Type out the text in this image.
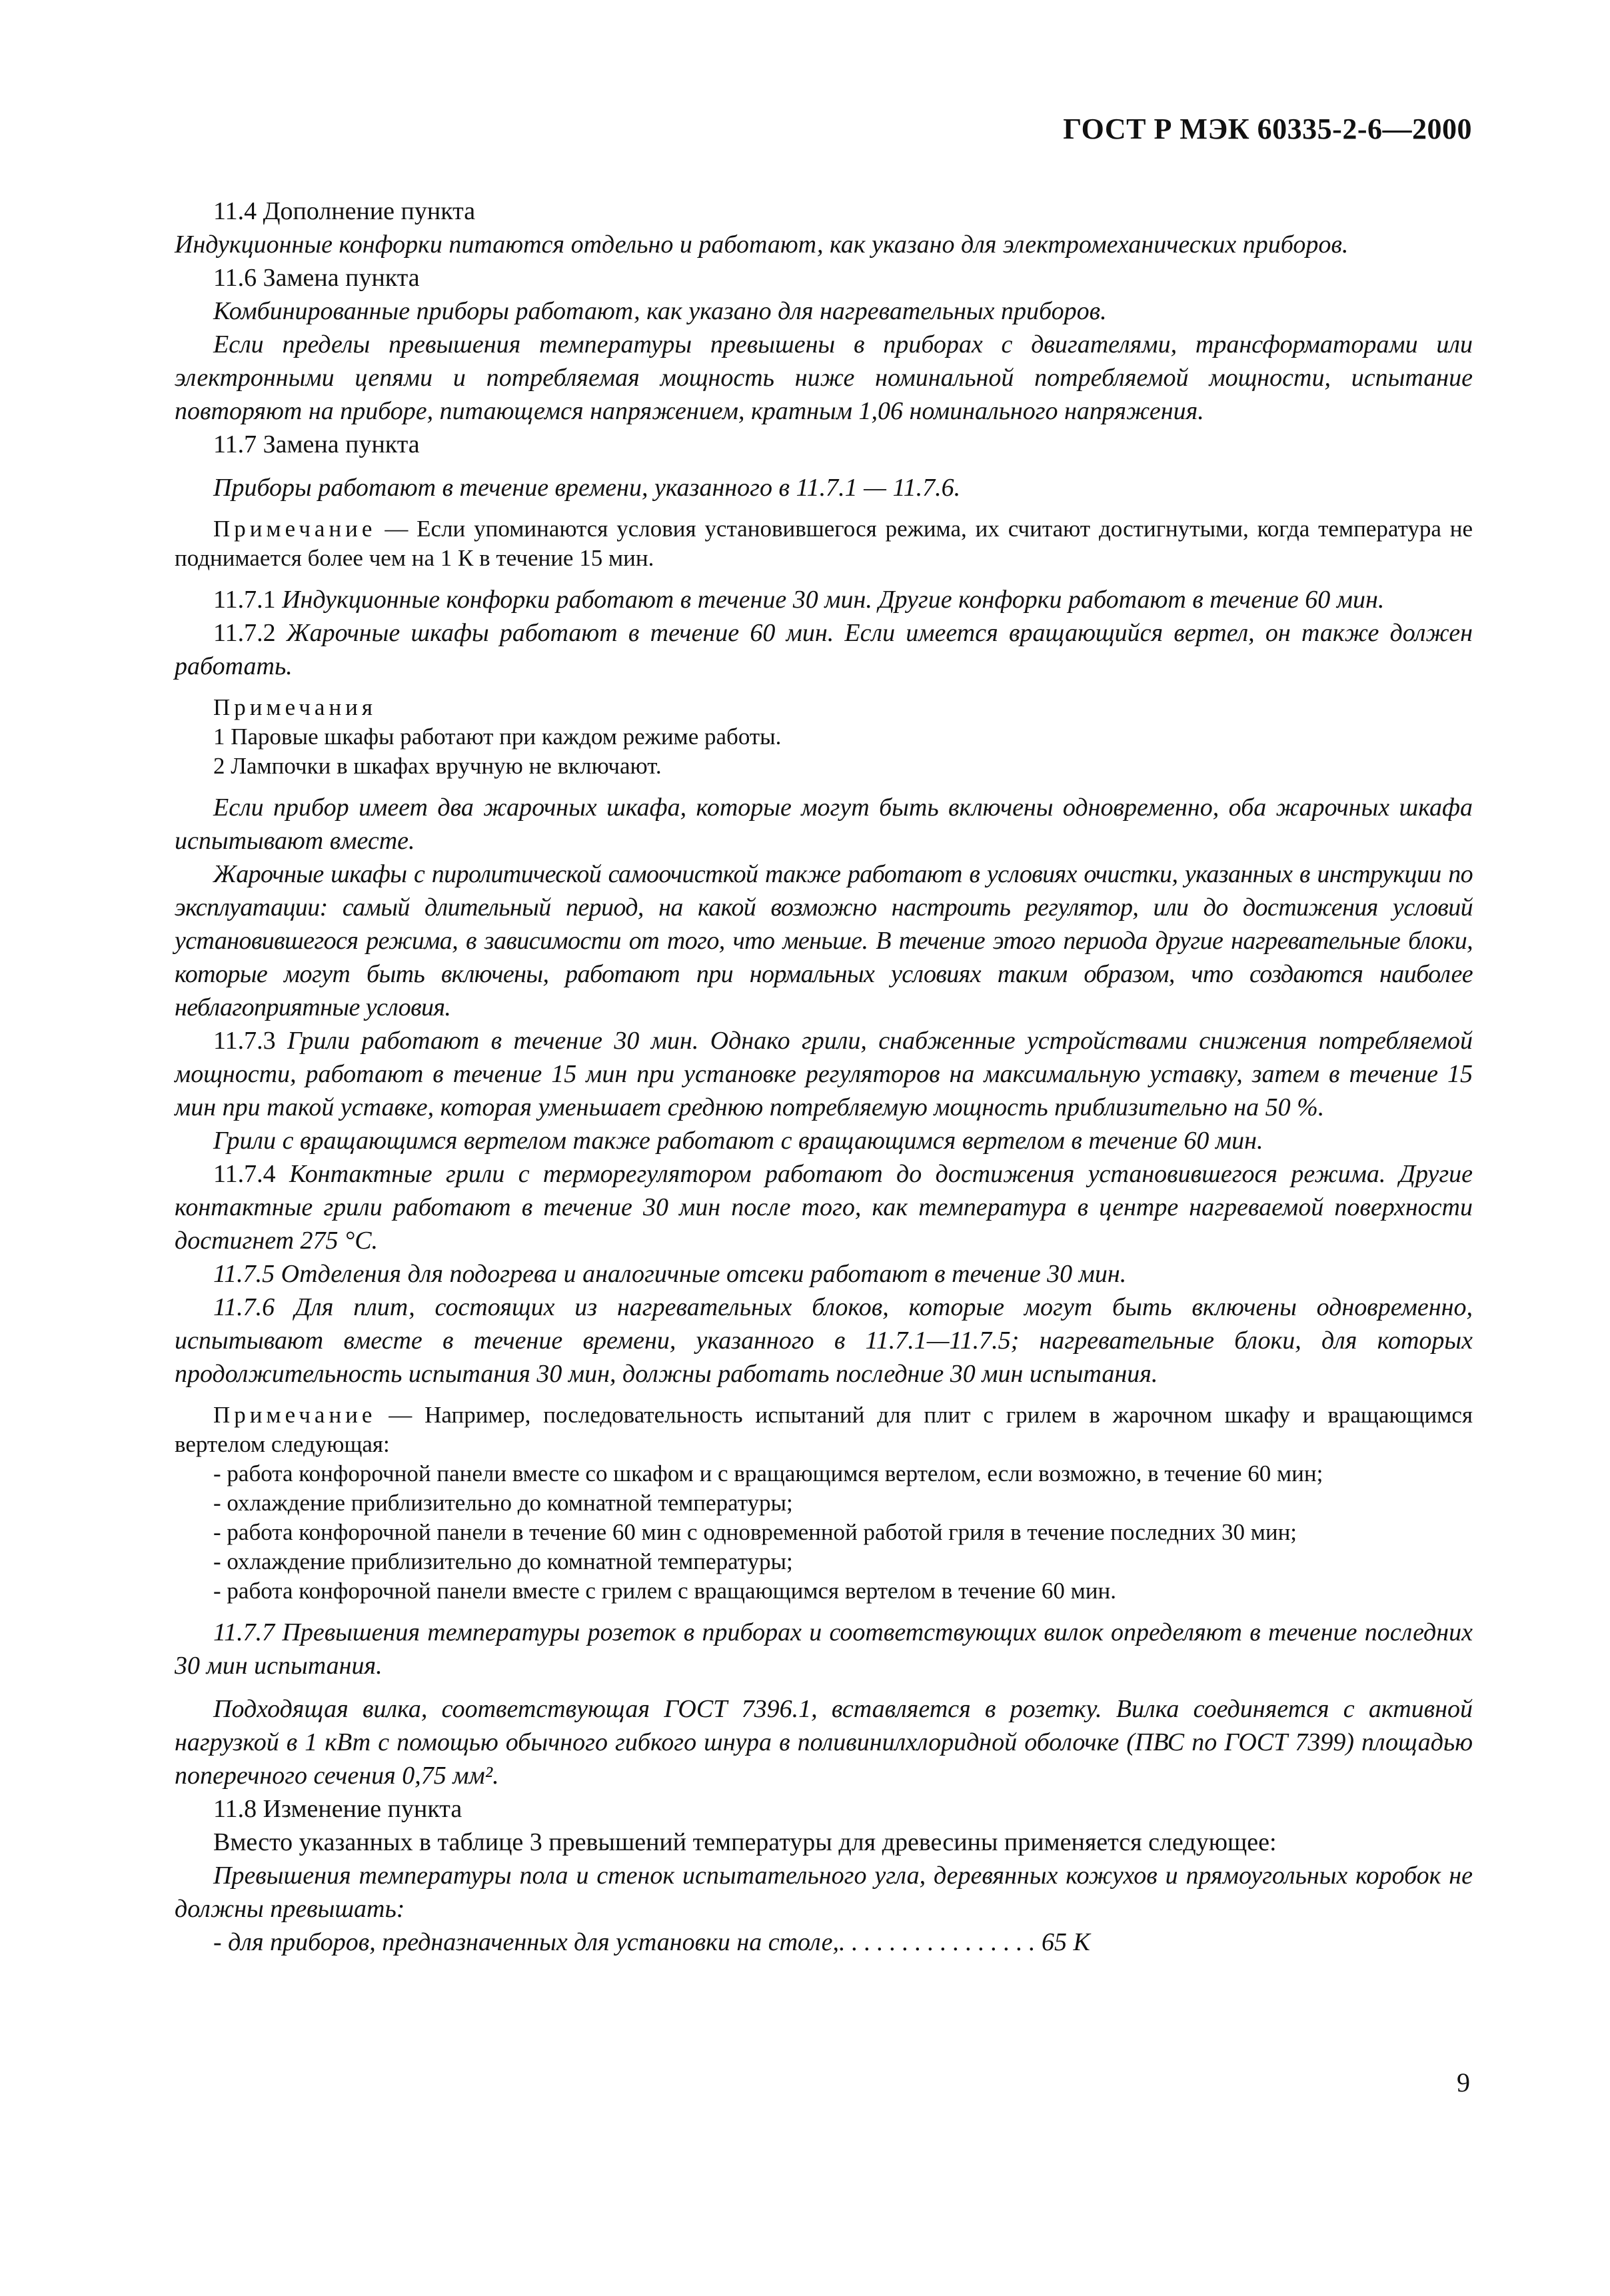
ГОСТ Р МЭК 60335-2-6—2000

11.4 Дополнение пункта

Индукционные конфорки питаются отдельно и работают, как указано для электромеханических приборов.

11.6 Замена пункта

Комбинированные приборы работают, как указано для нагревательных приборов.

Если пределы превышения температуры превышены в приборах с двигателями, трансформаторами или электронными цепями и потребляемая мощность ниже номинальной потребляемой мощности, испытание повторяют на приборе, питающемся напряжением, кратным 1,06 номинального напряжения.

11.7 Замена пункта

Приборы работают в течение времени, указанного в 11.7.1 — 11.7.6.

Примечание — Если упоминаются условия установившегося режима, их считают достигнутыми, когда температура не поднимается более чем на 1 К в течение 15 мин.

11.7.1 Индукционные конфорки работают в течение 30 мин. Другие конфорки работают в течение 60 мин.

11.7.2 Жарочные шкафы работают в течение 60 мин. Если имеется вращающийся вертел, он также должен работать.

Примечания

1 Паровые шкафы работают при каждом режиме работы.

2 Лампочки в шкафах вручную не включают.

Если прибор имеет два жарочных шкафа, которые могут быть включены одновременно, оба жарочных шкафа испытывают вместе.

Жарочные шкафы с пиролитической самоочисткой также работают в условиях очистки, указанных в инструкции по эксплуатации: самый длительный период, на какой возможно настроить регулятор, или до достижения условий установившегося режима, в зависимости от того, что меньше. В течение этого периода другие нагревательные блоки, которые могут быть включены, работают при нормальных условиях таким образом, что создаются наиболее неблагоприятные условия.

11.7.3 Грили работают в течение 30 мин. Однако грили, снабженные устройствами снижения потребляемой мощности, работают в течение 15 мин при установке регуляторов на максимальную уставку, затем в течение 15 мин при такой уставке, которая уменьшает среднюю потребляемую мощность приблизительно на 50 %.

Грили с вращающимся вертелом также работают с вращающимся вертелом в течение 60 мин.

11.7.4 Контактные грили с терморегулятором работают до достижения установившегося режима. Другие контактные грили работают в течение 30 мин после того, как температура в центре нагреваемой поверхности достигнет 275 °С.

11.7.5 Отделения для подогрева и аналогичные отсеки работают в течение 30 мин.

11.7.6 Для плит, состоящих из нагревательных блоков, которые могут быть включены одновременно, испытывают вместе в течение времени, указанного в 11.7.1—11.7.5; нагревательные блоки, для которых продолжительность испытания 30 мин, должны работать последние 30 мин испытания.

Примечание — Например, последовательность испытаний для плит с грилем в жарочном шкафу и вращающимся вертелом следующая:

- работа конфорочной панели вместе со шкафом и с вращающимся вертелом, если возможно, в течение 60 мин;

- охлаждение приблизительно до комнатной температуры;

- работа конфорочной панели в течение 60 мин с одновременной работой гриля в течение последних 30 мин;

- охлаждение приблизительно до комнатной температуры;

- работа конфорочной панели вместе с грилем с вращающимся вертелом в течение 60 мин.

11.7.7 Превышения температуры розеток в приборах и соответствующих вилок определяют в течение последних 30 мин испытания.

Подходящая вилка, соответствующая ГОСТ 7396.1, вставляется в розетку. Вилка соединяется с активной нагрузкой в 1 кВт с помощью обычного гибкого шнура в поливинилхлоридной оболочке (ПВС по ГОСТ 7399) площадью поперечного сечения 0,75 мм².

11.8 Изменение пункта

Вместо указанных в таблице 3 превышений температуры для древесины применяется следующее:

Превышения температуры пола и стенок испытательного угла, деревянных кожухов и прямоугольных коробок не должны превышать:

- для приборов, предназначенных для установки на столе,. . . . . . . . . . . . . . . . 65 К

9
